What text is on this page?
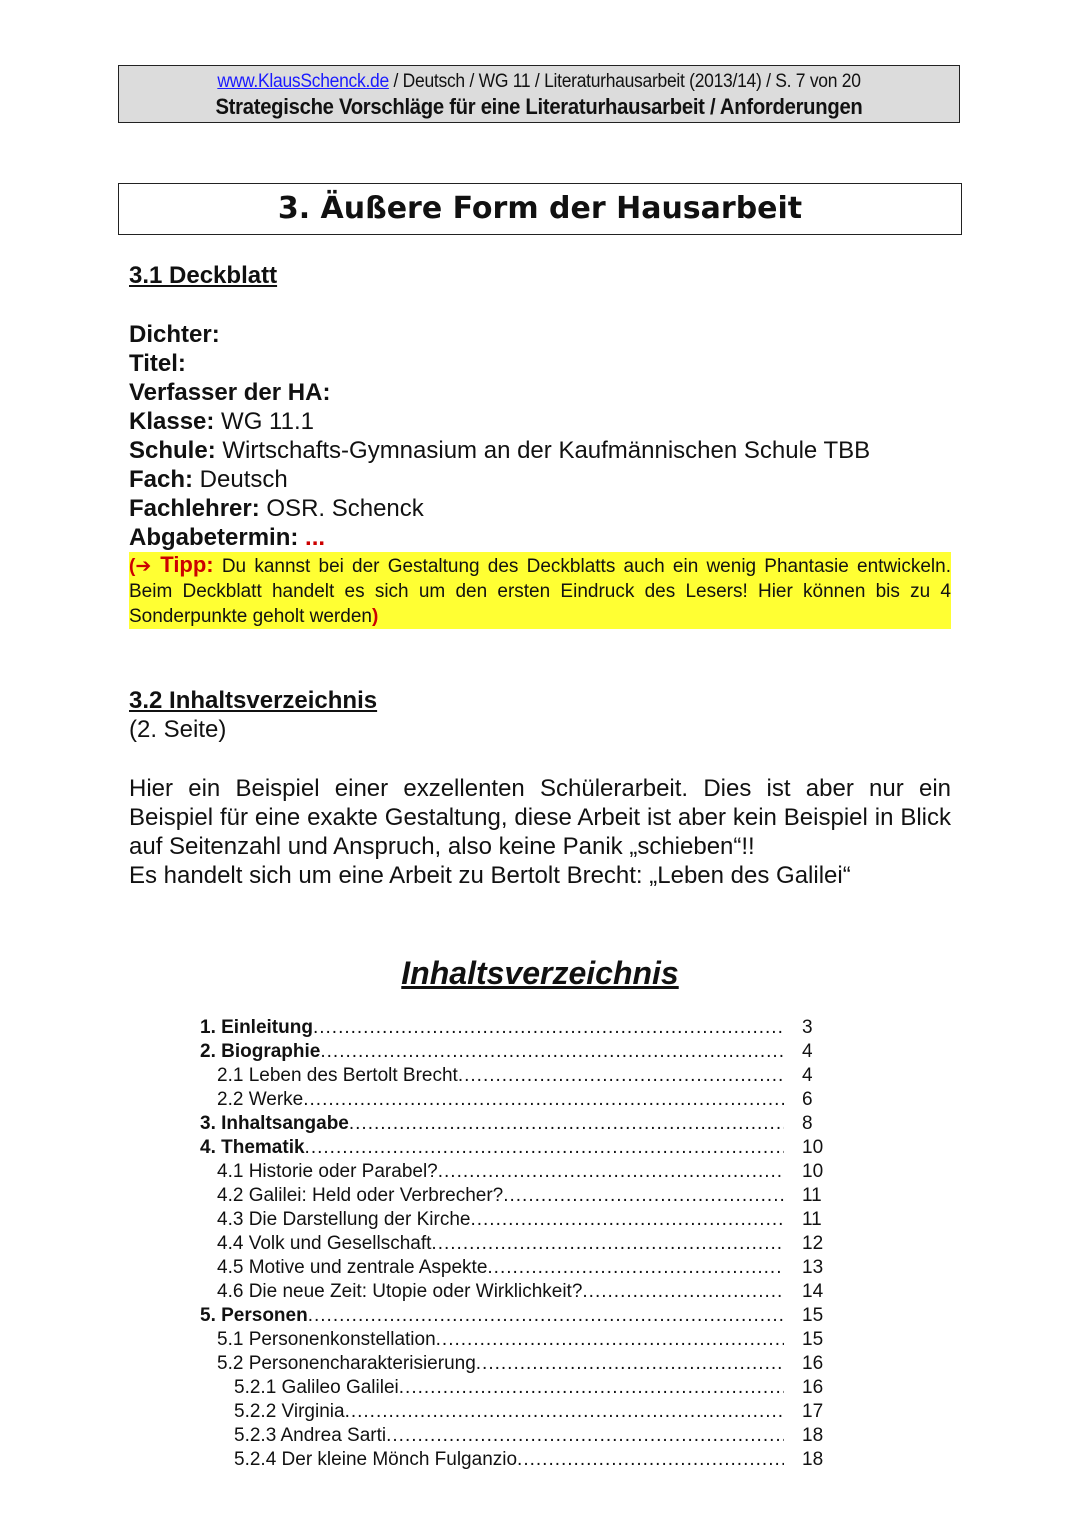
www.KlausSchenck.de / Deutsch / WG 11 / Literaturhausarbeit (2013/14) / S. 7 von 20
Strategische Vorschläge für eine Literaturhausarbeit / Anforderungen
3. Äußere Form der Hausarbeit

3.1 Deckblatt

Dichter:
Titel:
Verfasser der HA:
Klasse: WG 11.1
Schule: Wirtschafts-Gymnasium an der Kaufmännischen Schule TBB
Fach: Deutsch
Fachlehrer: OSR. Schenck
Abgabetermin: ...
(➔ Tipp: Du kannst bei der Gestaltung des Deckblatts auch ein wenig Phantasie entwickeln. Beim Deckblatt handelt es sich um den ersten Eindruck des Lesers! Hier können bis zu 4 Sonderpunkte geholt werden)

3.2 Inhaltsverzeichnis

(2. Seite)
Hier ein Beispiel einer exzellenten Schülerarbeit. Dies ist aber nur ein Beispiel für eine exakte Gestaltung, diese Arbeit ist aber kein Beispiel in Blick auf Seitenzahl und Anspruch, also keine Panik „schieben“!!
Es handelt sich um eine Arbeit zu Bertolt Brecht: „Leben des Galilei“
Inhaltsverzeichnis
1. Einleitung .....	3
2. Biographie .....	4
2.1 Leben des Bertolt Brecht .....	4
2.2 Werke .....	6
3. Inhaltsangabe .....	8
4. Thematik .....	10
4.1 Historie oder Parabel? .....	10
4.2 Galilei: Held oder Verbrecher? .....	11
4.3 Die Darstellung der Kirche .....	11
4.4 Volk und Gesellschaft .....	12
4.5 Motive und zentrale Aspekte .....	13
4.6 Die neue Zeit: Utopie oder Wirklichkeit? .....	14
5. Personen .....	15
5.1 Personenkonstellation .....	15
5.2 Personencharakterisierung .....	16
5.2.1 Galileo Galilei .....	16
5.2.2 Virginia .....	17
5.2.3 Andrea Sarti .....	18
5.2.4 Der kleine Mönch Fulganzio .....	18
